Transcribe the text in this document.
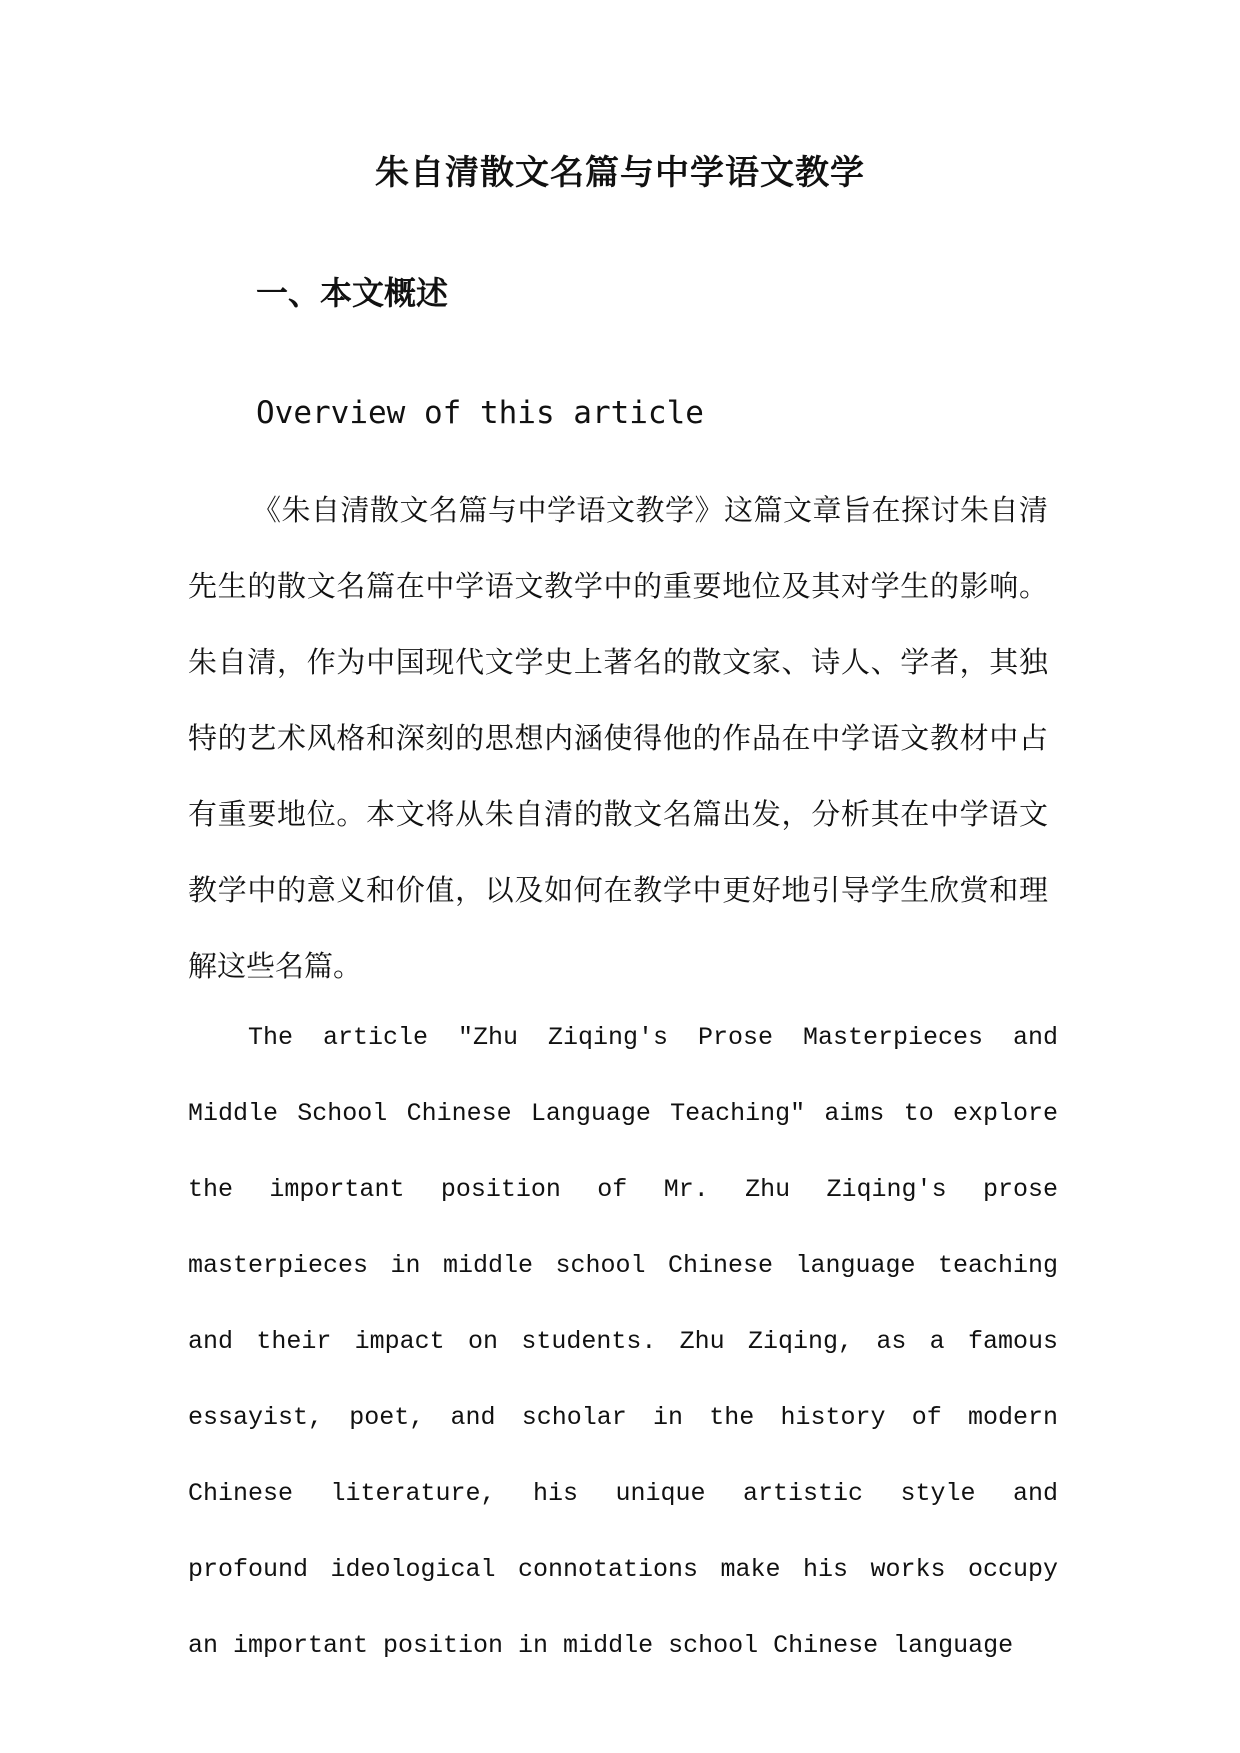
朱自清散文名篇与中学语文教学
一、本文概述
Overview of this article

《朱自清散文名篇与中学语文教学》这篇文章旨在探讨朱自清先生的散文名篇在中学语文教学中的重要地位及其对学生的影响。朱自清，作为中国现代文学史上著名的散文家、诗人、学者，其独特的艺术风格和深刻的思想内涵使得他的作品在中学语文教材中占有重要地位。本文将从朱自清的散文名篇出发，分析其在中学语文教学中的意义和价值，以及如何在教学中更好地引导学生欣赏和理解这些名篇。

The article "Zhu Ziqing's Prose Masterpieces and Middle School Chinese Language Teaching" aims to explore the important position of Mr. Zhu Ziqing's prose masterpieces in middle school Chinese language teaching and their impact on students. Zhu Ziqing, as a famous essayist, poet, and scholar in the history of modern Chinese literature, his unique artistic style and profound ideological connotations make his works occupy an important position in middle school Chinese language
